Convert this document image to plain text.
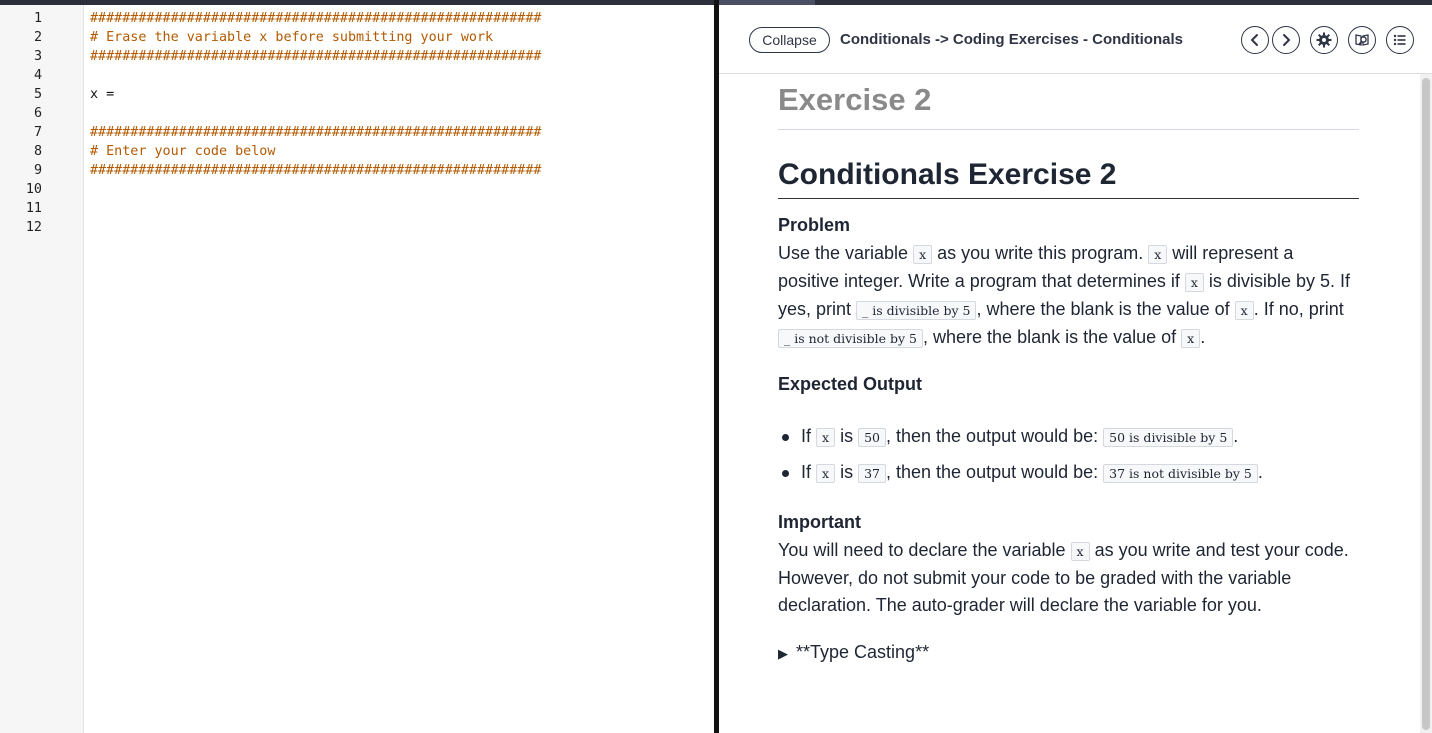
1
2
3
4
5
6
7
8
9
10
11
12
########################################################
# Erase the variable x before submitting your work
########################################################
x =
########################################################
# Enter your code below
########################################################
Collapse	Conditionals -> Coding Exercises - Conditionals
Exercise 2
Conditionals Exercise 2
Problem

Use the variable x as you write this program. x will represent a positive integer. Write a program that determines if x is divisible by 5. If yes, print _ is divisible by 5 , where the blank is the value of x . If no, print _ is not divisible by 5 , where the blank is the value of x .

Expected Output
If x is 50 , then the output would be: 50 is divisible by 5 .
If x is 37 , then the output would be: 37 is not divisible by 5 .
Important

You will need to declare the variable x as you write and test your code. However, do not submit your code to be graded with the variable declaration. The auto-grader will declare the variable for you.

▶ **Type Casting**
